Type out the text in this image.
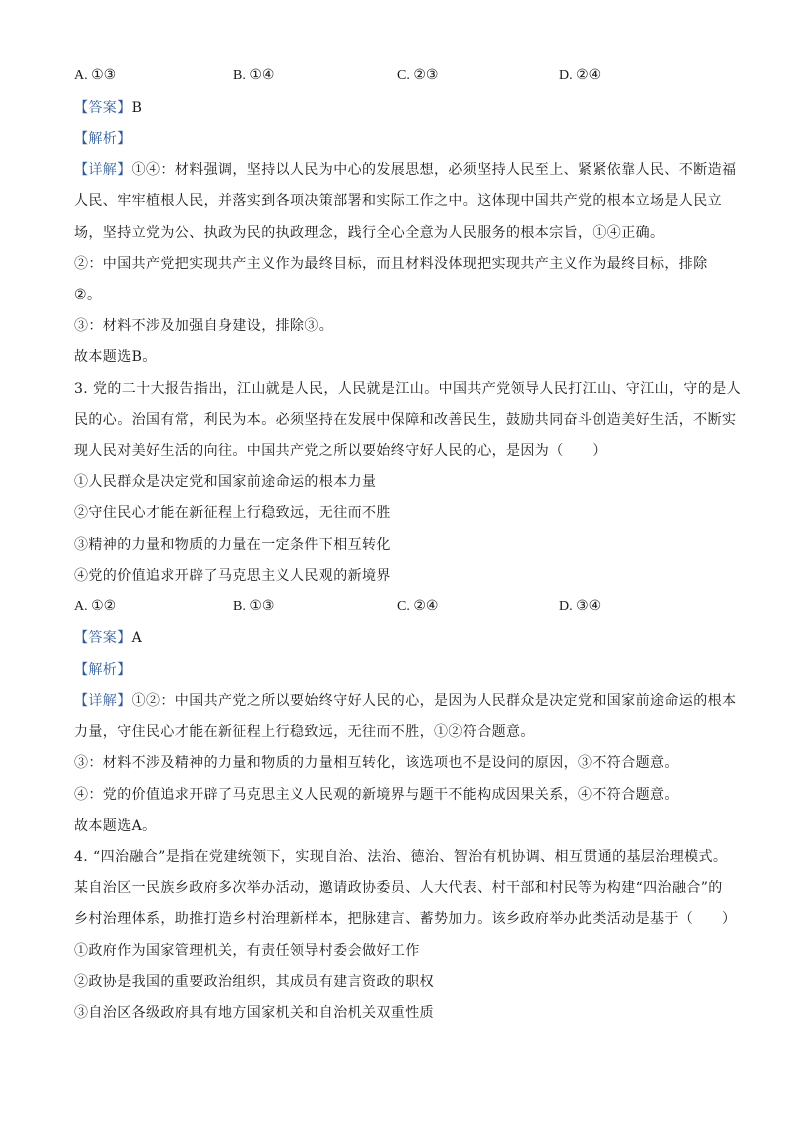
A. ①③	B. ①④	C. ②③	D. ②④
【答案】B
【解析】
【详解】①④：材料强调，坚持以人民为中心的发展思想，必须坚持人民至上、紧紧依靠人民、不断造福
人民、牢牢植根人民，并落实到各项决策部署和实际工作之中。这体现中国共产党的根本立场是人民立
场，坚持立党为公、执政为民的执政理念，践行全心全意为人民服务的根本宗旨，①④正确。
②：中国共产党把实现共产主义作为最终目标，而且材料没体现把实现共产主义作为最终目标，排除
②。
③：材料不涉及加强自身建设，排除③。
故本题选B。
3. 党的二十大报告指出，江山就是人民，人民就是江山。中国共产党领导人民打江山、守江山，守的是人
民的心。治国有常，利民为本。必须坚持在发展中保障和改善民生，鼓励共同奋斗创造美好生活，不断实
现人民对美好生活的向往。中国共产党之所以要始终守好人民的心，是因为（　　）
①人民群众是决定党和国家前途命运的根本力量
②守住民心才能在新征程上行稳致远，无往而不胜
③精神的力量和物质的力量在一定条件下相互转化
④党的价值追求开辟了马克思主义人民观的新境界
A. ①②	B. ①③	C. ②④	D. ③④
【答案】A
【解析】
【详解】①②：中国共产党之所以要始终守好人民的心，是因为人民群众是决定党和国家前途命运的根本
力量，守住民心才能在新征程上行稳致远，无往而不胜，①②符合题意。
③：材料不涉及精神的力量和物质的力量相互转化，该选项也不是设问的原因，③不符合题意。
④：党的价值追求开辟了马克思主义人民观的新境界与题干不能构成因果关系，④不符合题意。
故本题选A。
4. “四治融合”是指在党建统领下，实现自治、法治、德治、智治有机协调、相互贯通的基层治理模式。
某自治区一民族乡政府多次举办活动，邀请政协委员、人大代表、村干部和村民等为构建“四治融合”的
乡村治理体系，助推打造乡村治理新样本，把脉建言、蓄势加力。该乡政府举办此类活动是基于（　　）
①政府作为国家管理机关，有责任领导村委会做好工作
②政协是我国的重要政治组织，其成员有建言资政的职权
③自治区各级政府具有地方国家机关和自治机关双重性质
